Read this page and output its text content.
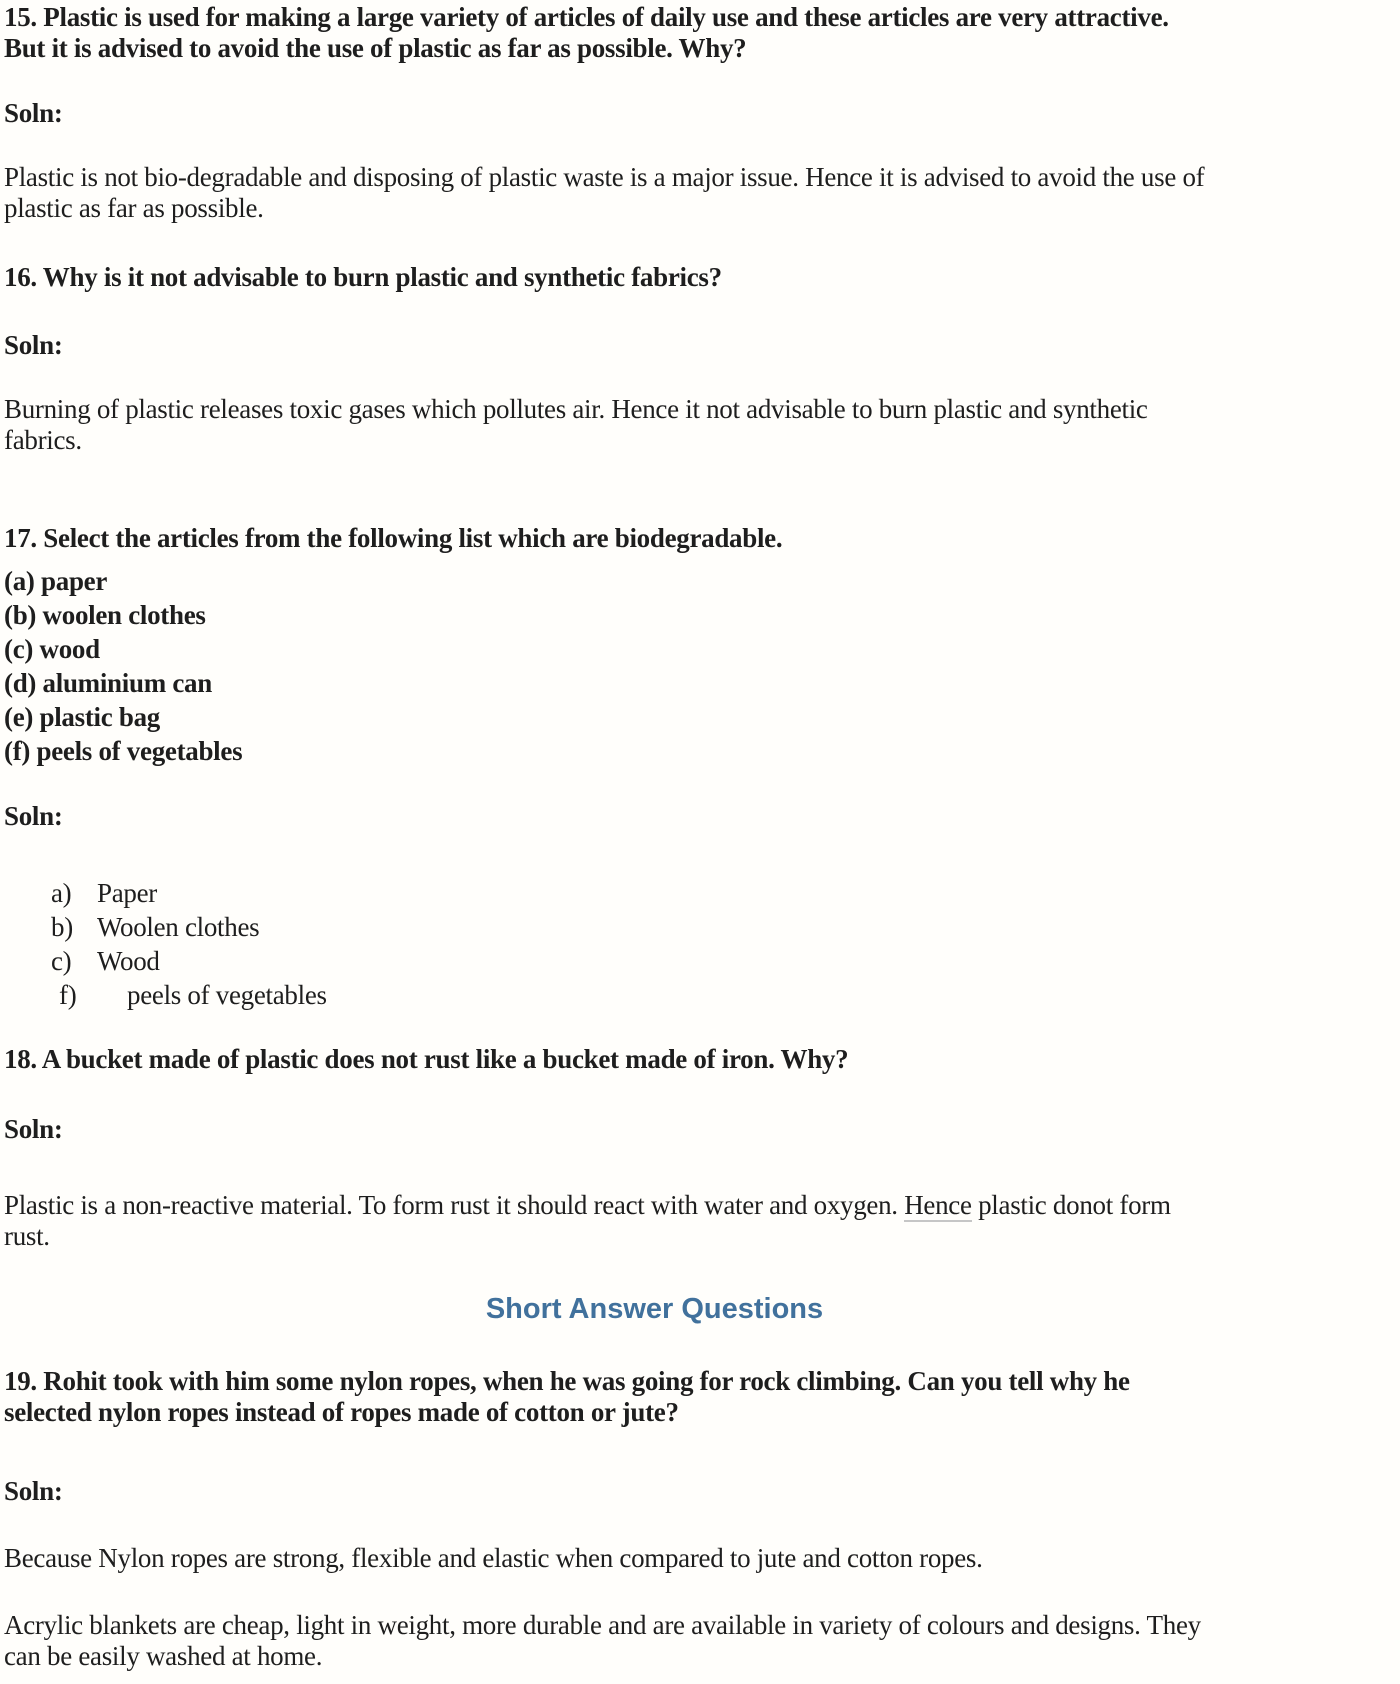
15. Plastic is used for making a large variety of articles of daily use and these articles are very attractive.
But it is advised to avoid the use of plastic as far as possible. Why?
Soln:
Plastic is not bio-degradable and disposing of plastic waste is a major issue. Hence it is advised to avoid the use of
plastic as far as possible.
16. Why is it not advisable to burn plastic and synthetic fabrics?
Soln:
Burning of plastic releases toxic gases which pollutes air. Hence it not advisable to burn plastic and synthetic
fabrics.
17. Select the articles from the following list which are biodegradable.
(a) paper
(b) woolen clothes
(c) wood
(d) aluminium can
(e) plastic bag
(f) peels of vegetables
Soln:
a) Paper
b) Woolen clothes
c) Wood
f)	peels of vegetables
18. A bucket made of plastic does not rust like a bucket made of iron. Why?
Soln:
Plastic is a non-reactive material. To form rust it should react with water and oxygen. Hence plastic donot form
rust.
Short Answer Questions
19. Rohit took with him some nylon ropes, when he was going for rock climbing. Can you tell why he
selected nylon ropes instead of ropes made of cotton or jute?
Soln:
Because Nylon ropes are strong, flexible and elastic when compared to jute and cotton ropes.
Acrylic blankets are cheap, light in weight, more durable and are available in variety of colours and designs. They
can be easily washed at home.
